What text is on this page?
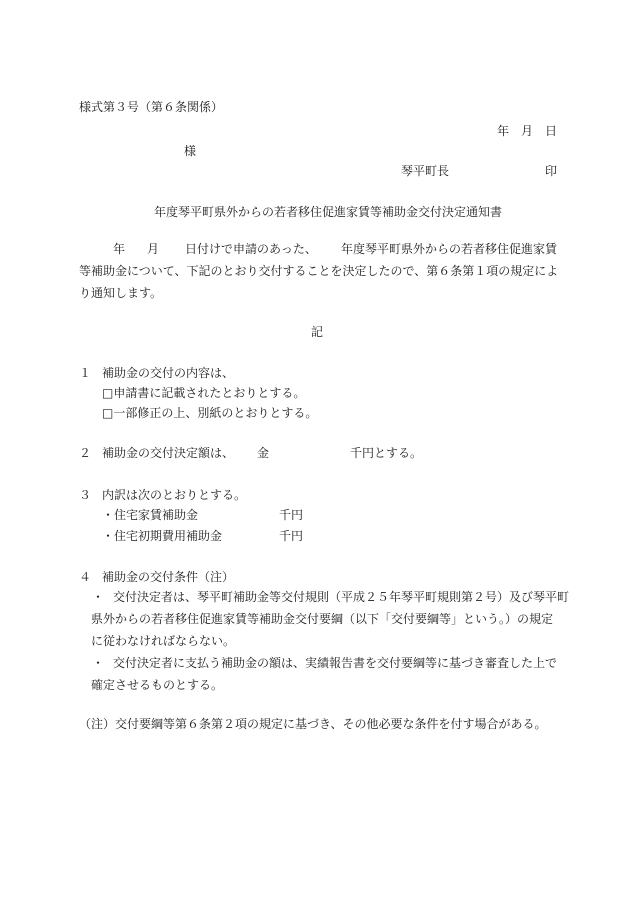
様式第３号（第６条関係）
年 月 日
様
琴平町長	印
年度琴平町県外からの若者移住促進家賃等補助金交付決定通知書
年 月 日付けで申請のあった、 年度琴平町県外からの若者移住促進家賃
等補助金について、下記のとおり交付することを決定したので、第６条第１項の規定によ
り通知します。
記
１ 補助金の交付の内容は、
□申請書に記載されたとおりとする。
□一部修正の上、別紙のとおりとする。
２ 補助金の交付決定額は、 金	千円とする。
３ 内訳は次のとおりとする。
・住宅家賃補助金	千円
・住宅初期費用補助金	千円
４ 補助金の交付条件（注）
・ 交付決定者は、琴平町補助金等交付規則（平成２５年琴平町規則第２号）及び琴平町
県外からの若者移住促進家賃等補助金交付要綱（以下「交付要綱等」という。）の規定
に従わなければならない。
・ 交付決定者に支払う補助金の額は、実績報告書を交付要綱等に基づき審査した上で
確定させるものとする。
（注）交付要綱等第６条第２項の規定に基づき、その他必要な条件を付す場合がある。
